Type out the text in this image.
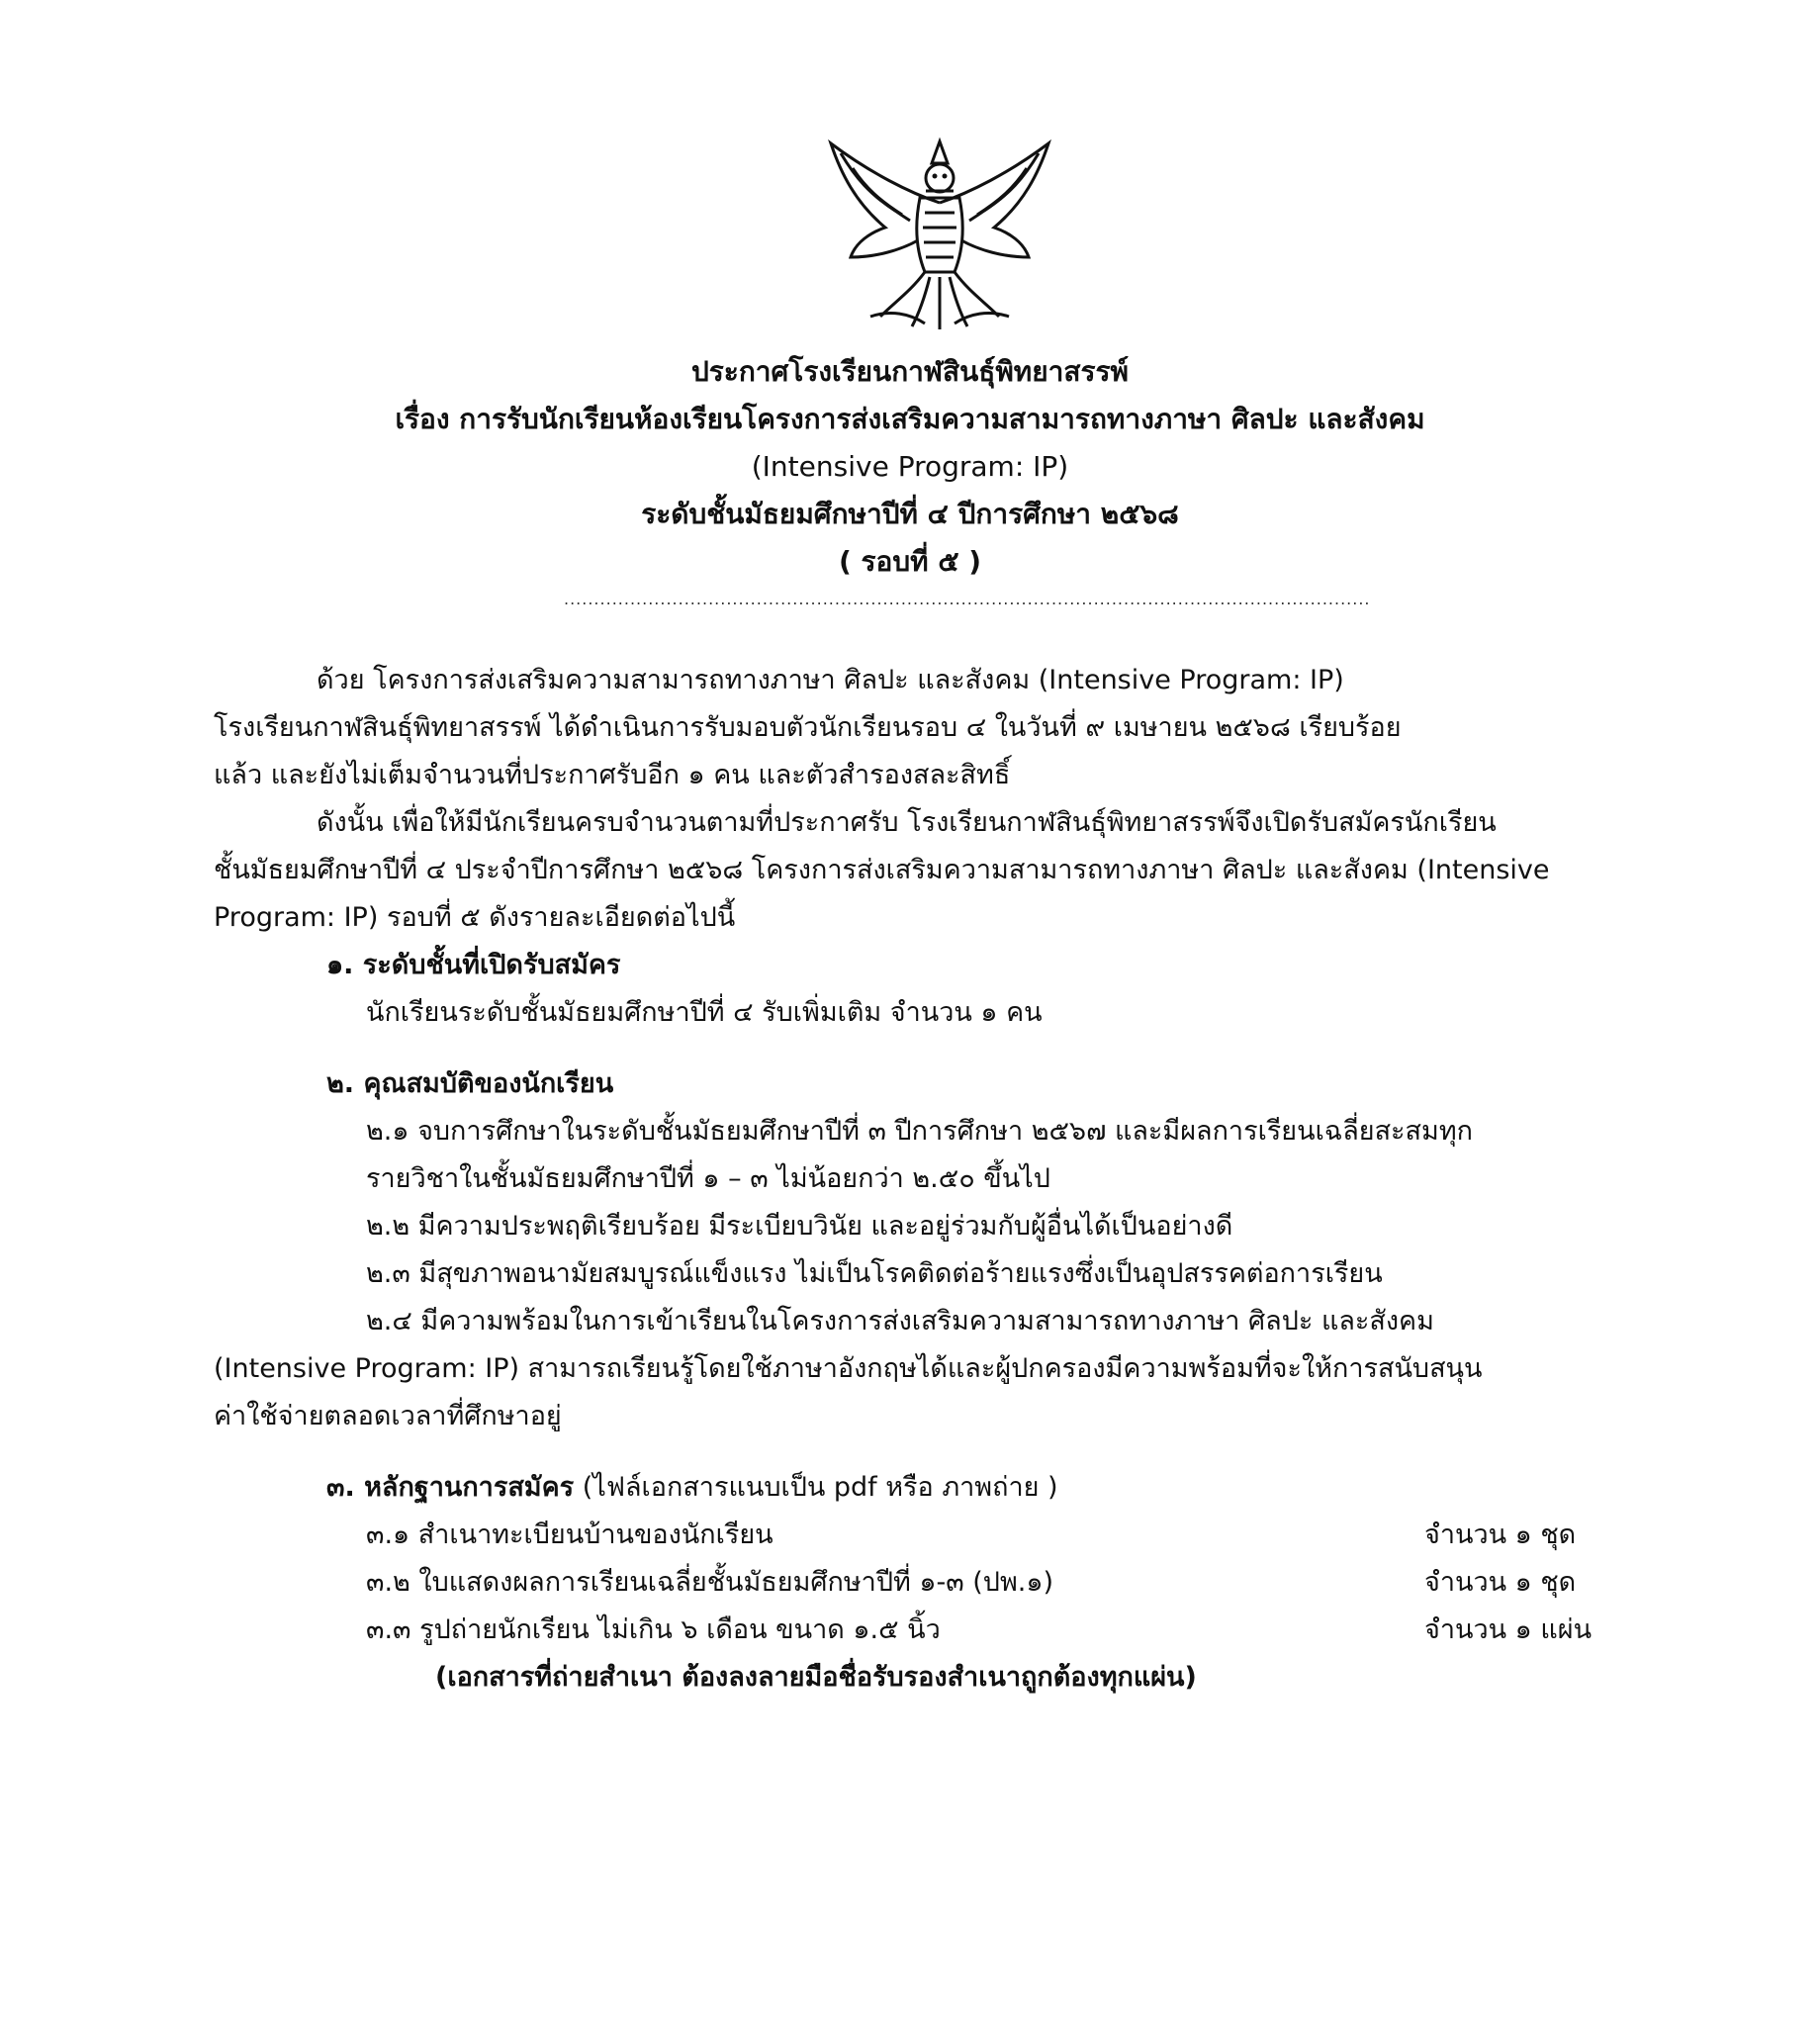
ประกาศโรงเรียนกาฬสินธุ์พิทยาสรรพ์
เรื่อง การรับนักเรียนห้องเรียนโครงการส่งเสริมความสามารถทางภาษา ศิลปะ และสังคม
(Intensive Program: IP)
ระดับชั้นมัธยมศึกษาปีที่ ๔ ปีการศึกษา ๒๕๖๘
( รอบที่ ๕ )
......................................................................................................................................
ด้วย โครงการส่งเสริมความสามารถทางภาษา ศิลปะ และสังคม (Intensive Program: IP)
โรงเรียนกาฬสินธุ์พิทยาสรรพ์ ได้ดำเนินการรับมอบตัวนักเรียนรอบ ๔ ในวันที่ ๙ เมษายน ๒๕๖๘ เรียบร้อย
แล้ว และยังไม่เต็มจำนวนที่ประกาศรับอีก ๑ คน และตัวสำรองสละสิทธิ์
ดังนั้น เพื่อให้มีนักเรียนครบจำนวนตามที่ประกาศรับ โรงเรียนกาฬสินธุ์พิทยาสรรพ์จึงเปิดรับสมัครนักเรียน
ชั้นมัธยมศึกษาปีที่ ๔ ประจำปีการศึกษา ๒๕๖๘ โครงการส่งเสริมความสามารถทางภาษา ศิลปะ และสังคม (Intensive
Program: IP) รอบที่ ๕ ดังรายละเอียดต่อไปนี้
๑. ระดับชั้นที่เปิดรับสมัคร
นักเรียนระดับชั้นมัธยมศึกษาปีที่ ๔ รับเพิ่มเติม จำนวน ๑ คน
๒. คุณสมบัติของนักเรียน
๒.๑ จบการศึกษาในระดับชั้นมัธยมศึกษาปีที่ ๓ ปีการศึกษา ๒๕๖๗ และมีผลการเรียนเฉลี่ยสะสมทุก
รายวิชาในชั้นมัธยมศึกษาปีที่ ๑ – ๓ ไม่น้อยกว่า ๒.๕๐ ขึ้นไป
๒.๒ มีความประพฤติเรียบร้อย มีระเบียบวินัย และอยู่ร่วมกับผู้อื่นได้เป็นอย่างดี
๒.๓ มีสุขภาพอนามัยสมบูรณ์แข็งแรง ไม่เป็นโรคติดต่อร้ายแรงซึ่งเป็นอุปสรรคต่อการเรียน
๒.๔ มีความพร้อมในการเข้าเรียนในโครงการส่งเสริมความสามารถทางภาษา ศิลปะ และสังคม
(Intensive Program: IP) สามารถเรียนรู้โดยใช้ภาษาอังกฤษได้และผู้ปกครองมีความพร้อมที่จะให้การสนับสนุน
ค่าใช้จ่ายตลอดเวลาที่ศึกษาอยู่
๓. หลักฐานการสมัคร (ไฟล์เอกสารแนบเป็น pdf หรือ ภาพถ่าย )
๓.๑ สำเนาทะเบียนบ้านของนักเรียน	จำนวน ๑ ชุด
๓.๒ ใบแสดงผลการเรียนเฉลี่ยชั้นมัธยมศึกษาปีที่ ๑-๓ (ปพ.๑)	จำนวน ๑ ชุด
๓.๓ รูปถ่ายนักเรียน ไม่เกิน ๖ เดือน ขนาด ๑.๕ นิ้ว	จำนวน ๑ แผ่น
(เอกสารที่ถ่ายสำเนา ต้องลงลายมือชื่อรับรองสำเนาถูกต้องทุกแผ่น)
